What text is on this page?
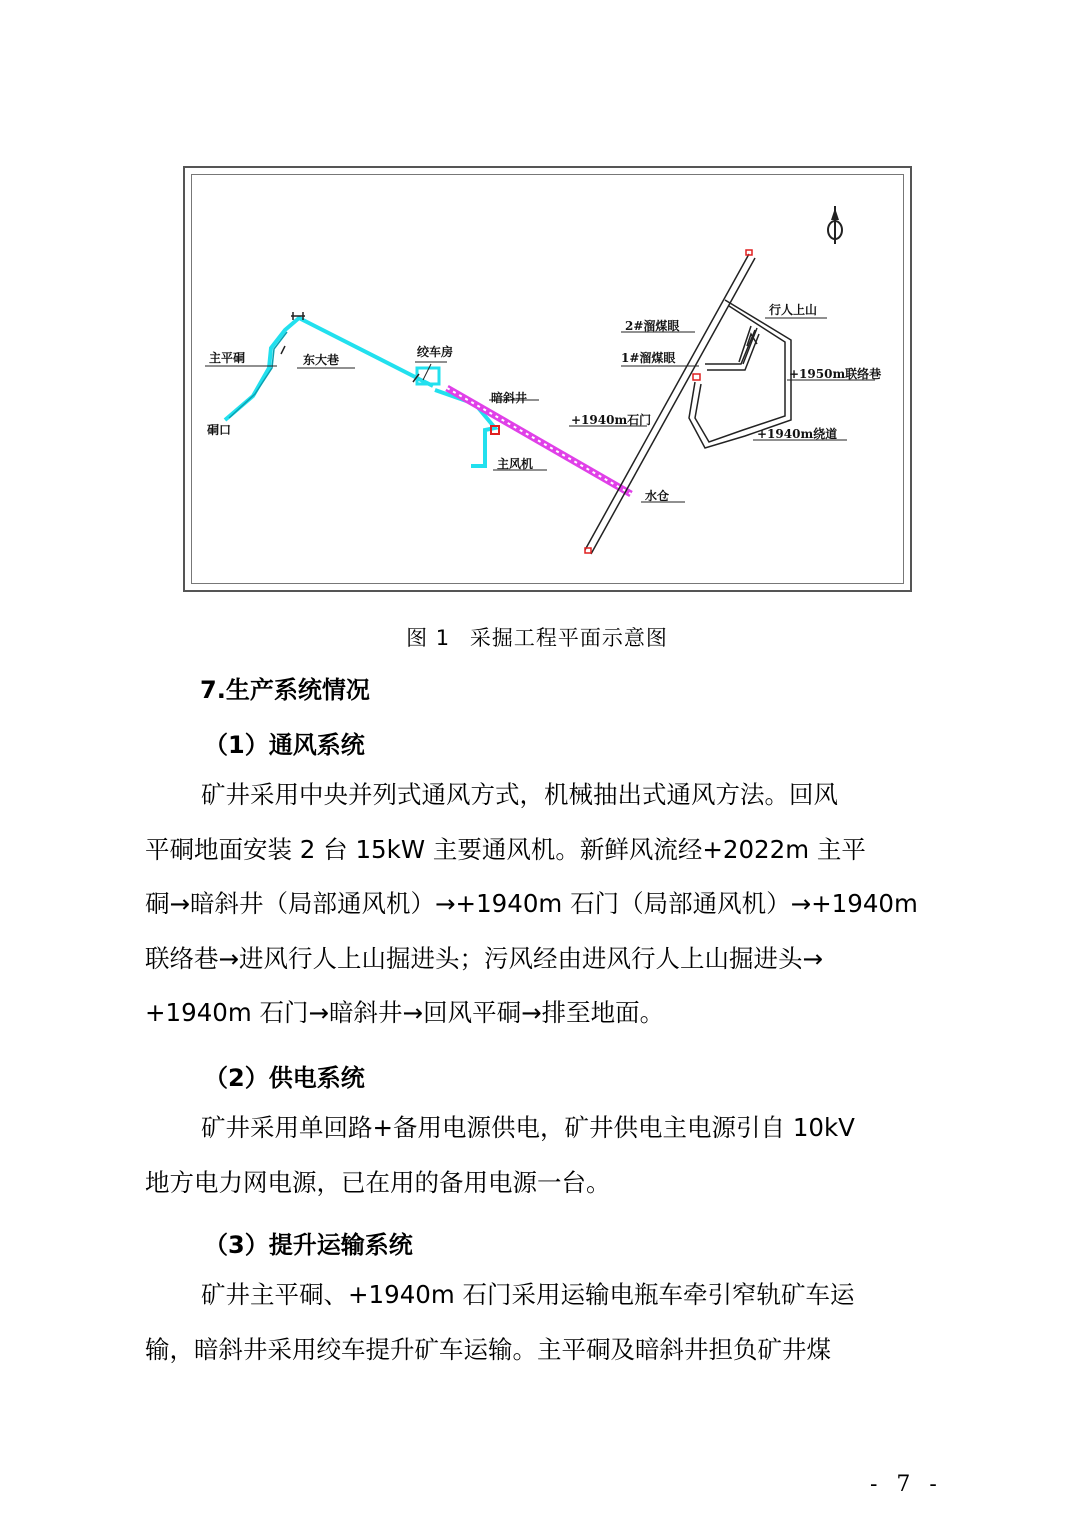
主平硐
硐口
东大巷
绞车房
暗斜井
主风机
水仓
+1940m石门
2#溜煤眼
1#溜煤眼
行人上山
+1950m联络巷
+1940m绕道
图 1 采掘工程平面示意图
7.生产系统情况
（1）通风系统

矿井采用中央并列式通风方式，机械抽出式通风方法。回风
平硐地面安装 2 台 15kW 主要通风机。新鲜风流经+2022m 主平
硐→暗斜井（局部通风机）→+1940m 石门（局部通风机）→+1940m
联络巷→进风行人上山掘进头；污风经由进风行人上山掘进头→
+1940m 石门→暗斜井→回风平硐→排至地面。

（2）供电系统

矿井采用单回路+备用电源供电，矿井供电主电源引自 10kV
地方电力网电源，已在用的备用电源一台。

（3）提升运输系统

矿井主平硐、+1940m 石门采用运输电瓶车牵引窄轨矿车运
输，暗斜井采用绞车提升矿车运输。主平硐及暗斜井担负矿井煤

- 7 -
